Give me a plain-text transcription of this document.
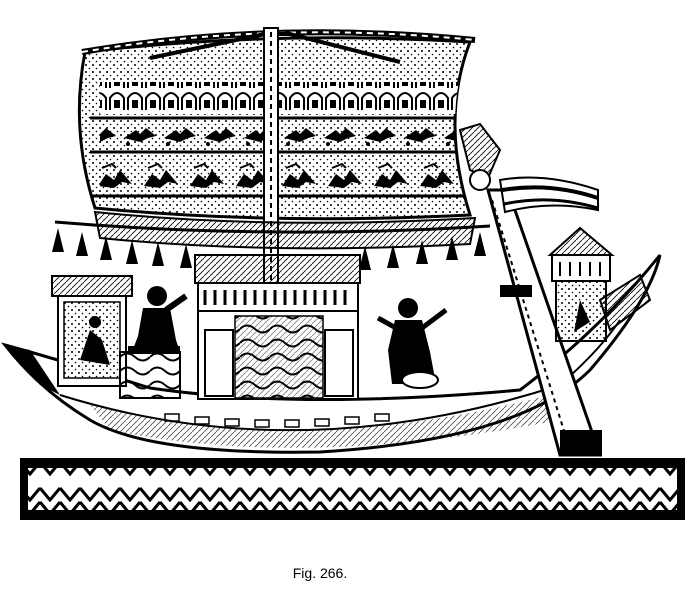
Fig. 266.
